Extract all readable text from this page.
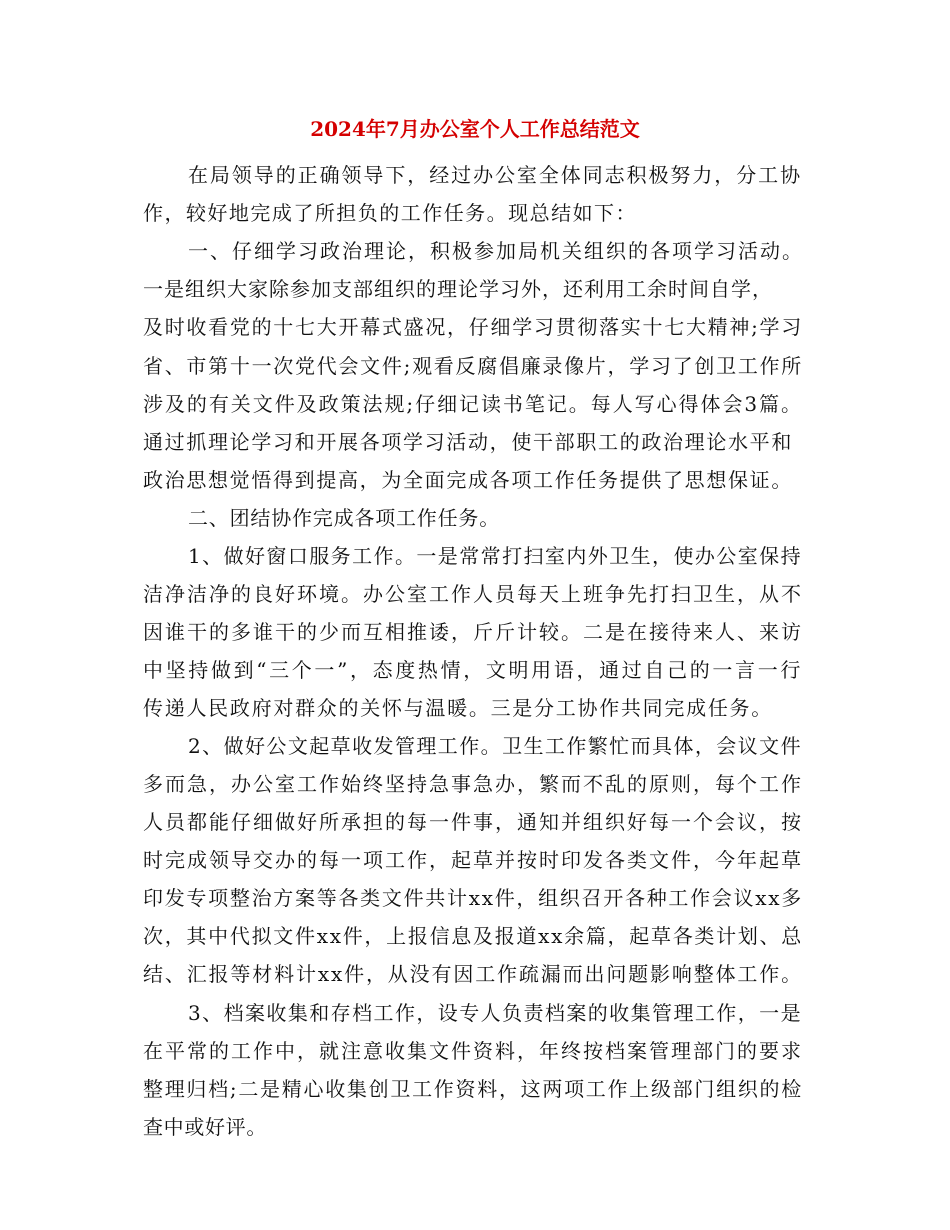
2024年7月办公室个人工作总结范文
在局领导的正确领导下，经过办公室全体同志积极努力，分工协
作，较好地完成了所担负的工作任务。现总结如下：
一、仔细学习政治理论，积极参加局机关组织的各项学习活动。
一是组织大家除参加支部组织的理论学习外，还利用工余时间自学，
及时收看党的十七大开幕式盛况，仔细学习贯彻落实十七大精神;学习
省、市第十一次党代会文件;观看反腐倡廉录像片，学习了创卫工作所
涉及的有关文件及政策法规;仔细记读书笔记。每人写心得体会3篇。
通过抓理论学习和开展各项学习活动，使干部职工的政治理论水平和
政治思想觉悟得到提高，为全面完成各项工作任务提供了思想保证。
二、团结协作完成各项工作任务。
1、做好窗口服务工作。一是常常打扫室内外卫生，使办公室保持
洁净洁净的良好环境。办公室工作人员每天上班争先打扫卫生，从不
因谁干的多谁干的少而互相推诿，斤斤计较。二是在接待来人、来访
中坚持做到“三个一”，态度热情，文明用语，通过自己的一言一行
传递人民政府对群众的关怀与温暖。三是分工协作共同完成任务。
2、做好公文起草收发管理工作。卫生工作繁忙而具体，会议文件
多而急，办公室工作始终坚持急事急办，繁而不乱的原则，每个工作
人员都能仔细做好所承担的每一件事，通知并组织好每一个会议，按
时完成领导交办的每一项工作，起草并按时印发各类文件，今年起草
印发专项整治方案等各类文件共计xx件，组织召开各种工作会议xx多
次，其中代拟文件xx件，上报信息及报道xx余篇，起草各类计划、总
结、汇报等材料计xx件，从没有因工作疏漏而出问题影响整体工作。
3、档案收集和存档工作，设专人负责档案的收集管理工作，一是
在平常的工作中，就注意收集文件资料，年终按档案管理部门的要求
整理归档;二是精心收集创卫工作资料，这两项工作上级部门组织的检
查中或好评。
